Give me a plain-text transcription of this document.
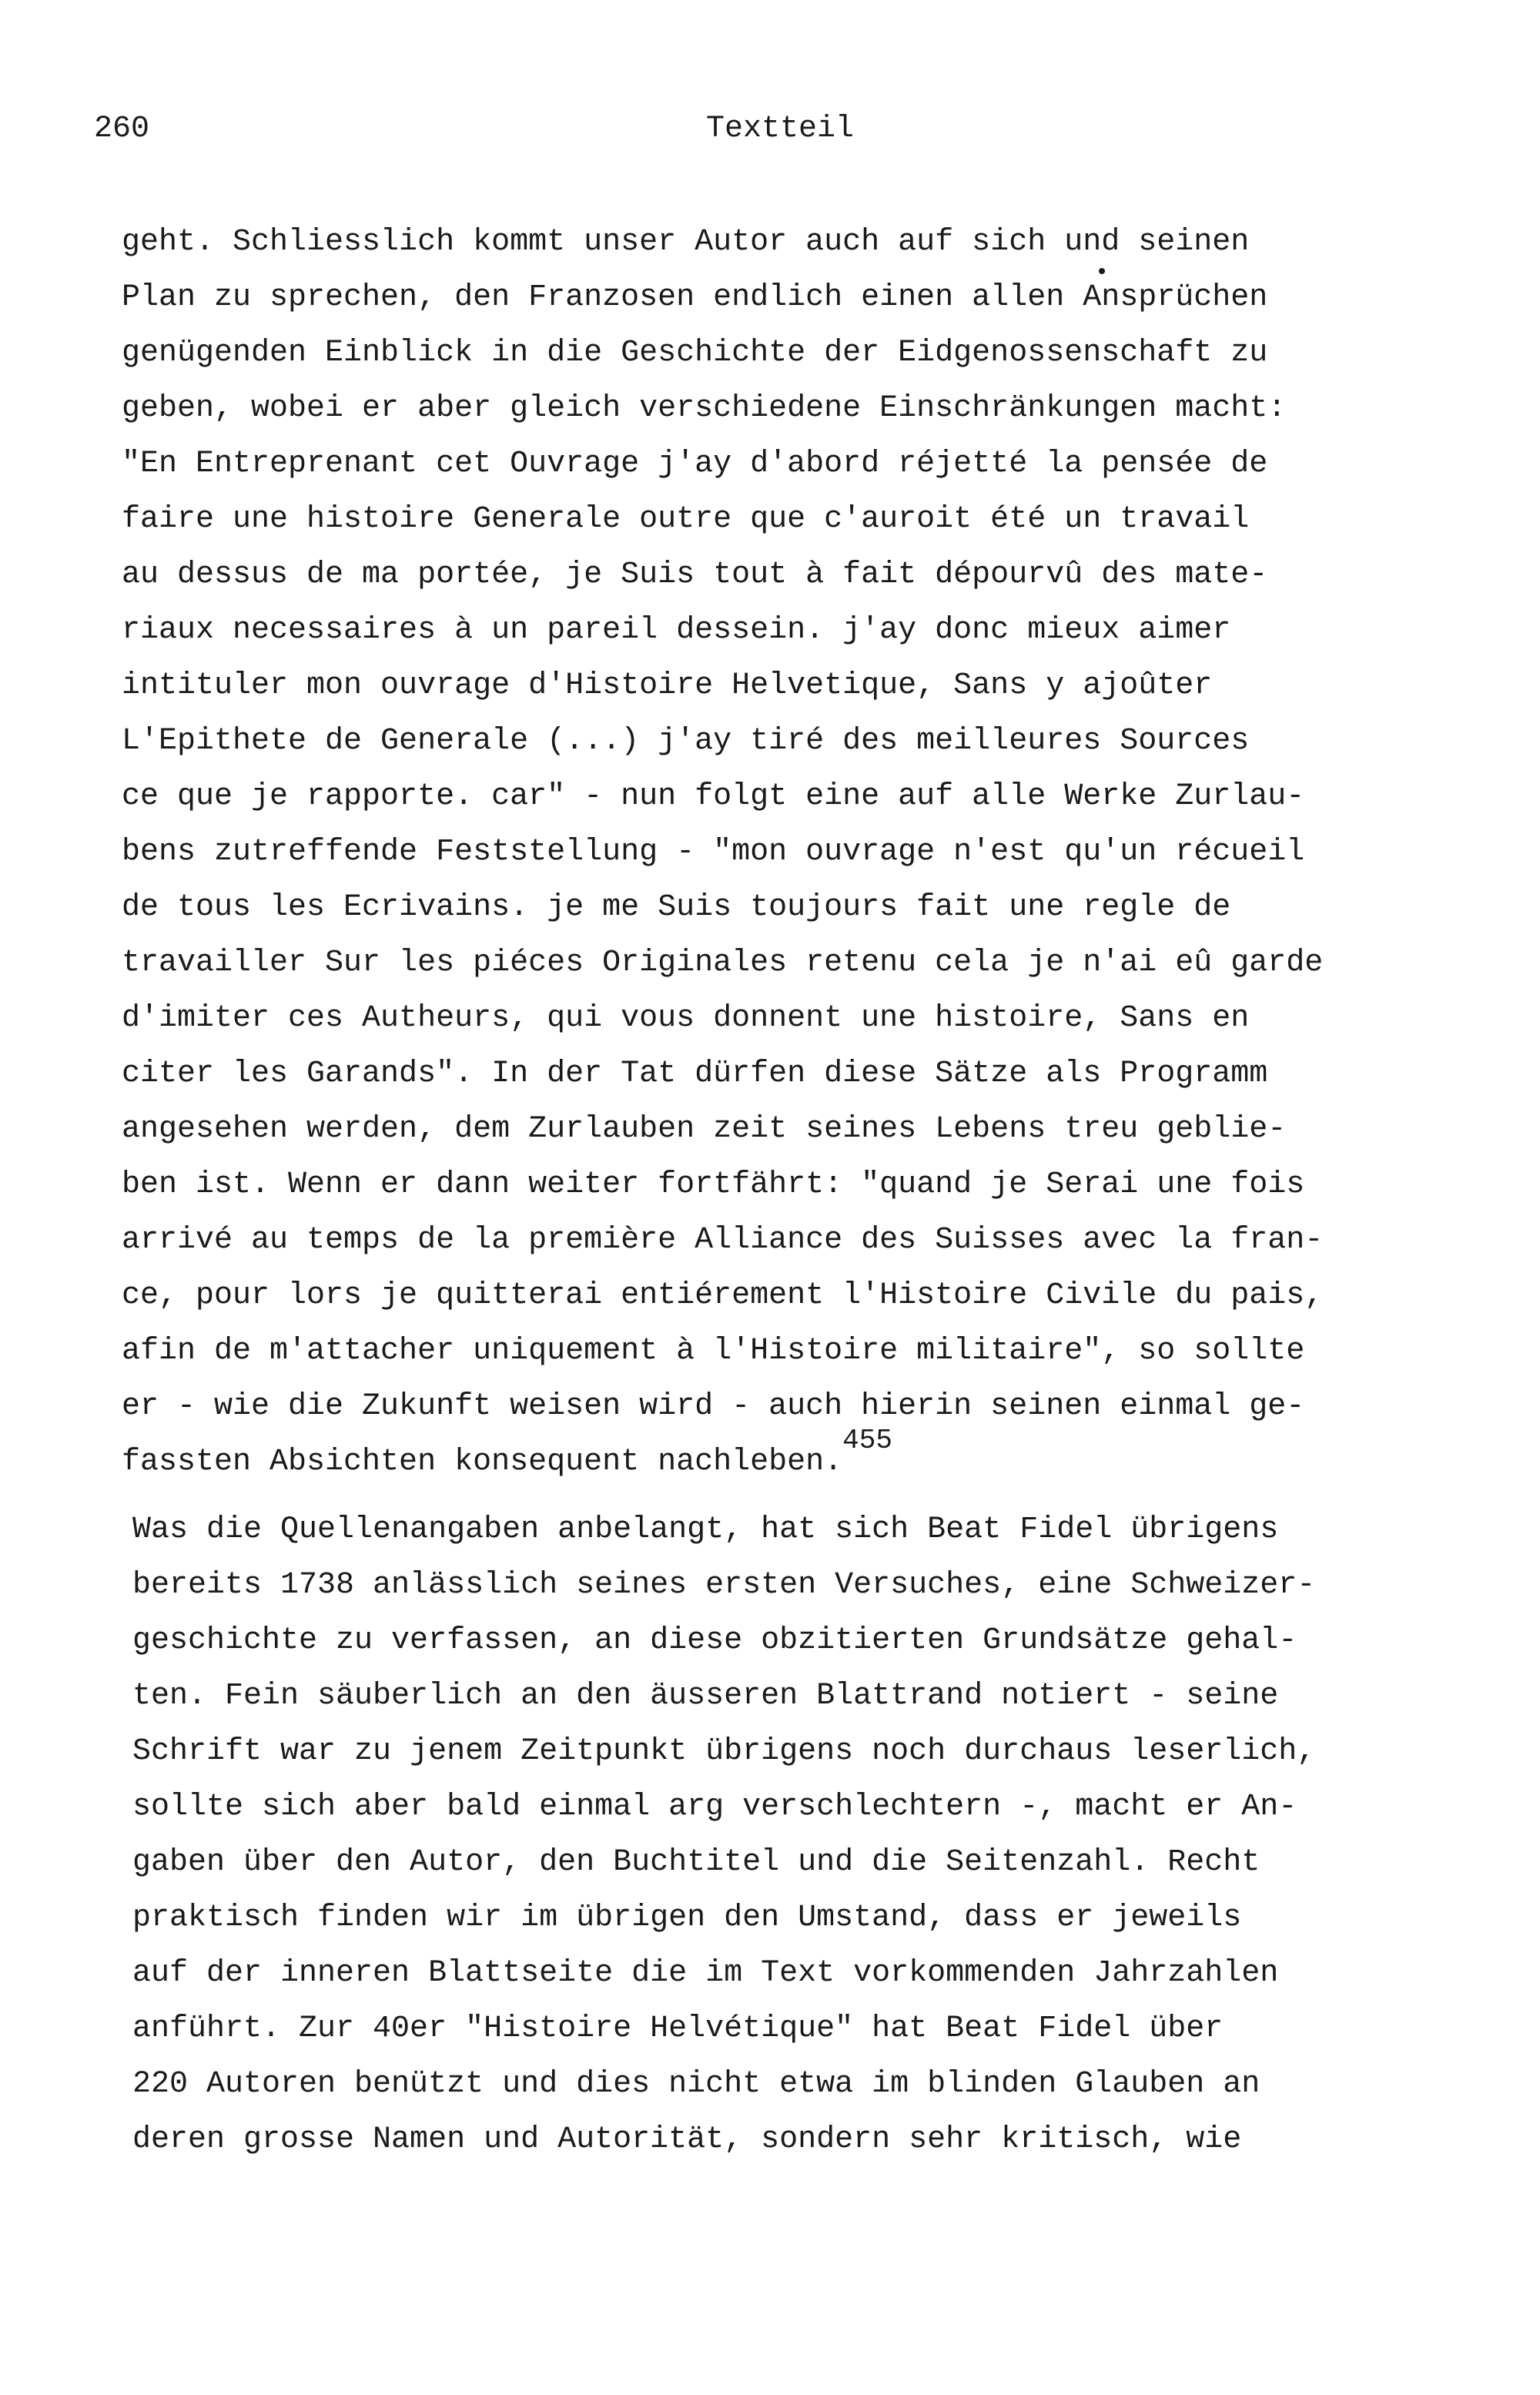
260	Textteil
geht. Schliesslich kommt unser Autor auch auf sich und seinen
Plan zu sprechen, den Franzosen endlich einen allen Ansprüchen
genügenden Einblick in die Geschichte der Eidgenossenschaft zu
geben, wobei er aber gleich verschiedene Einschränkungen macht:
"En Entreprenant cet Ouvrage j'ay d'abord réjetté la pensée de
faire une histoire Generale outre que c'auroit été un travail
au dessus de ma portée, je Suis tout à fait dépourvû des mate-
riaux necessaires à un pareil dessein. j'ay donc mieux aimer
intituler mon ouvrage d'Histoire Helvetique, Sans y ajoûter
L'Epithete de Generale (...) j'ay tiré des meilleures Sources
ce que je rapporte. car" - nun folgt eine auf alle Werke Zurlau-
bens zutreffende Feststellung - "mon ouvrage n'est qu'un récueil
de tous les Ecrivains. je me Suis toujours fait une regle de
travailler Sur les piéces Originales retenu cela je n'ai eû garde
d'imiter ces Autheurs, qui vous donnent une histoire, Sans en
citer les Garands". In der Tat dürfen diese Sätze als Programm
angesehen werden, dem Zurlauben zeit seines Lebens treu geblie-
ben ist. Wenn er dann weiter fortfährt: "quand je Serai une fois
arrivé au temps de la première Alliance des Suisses avec la fran-
ce, pour lors je quitterai entiérement l'Histoire Civile du pais,
afin de m'attacher uniquement à l'Histoire militaire", so sollte
er - wie die Zukunft weisen wird - auch hierin seinen einmal ge-
fassten Absichten konsequent nachleben.455
Was die Quellenangaben anbelangt, hat sich Beat Fidel übrigens
bereits 1738 anlässlich seines ersten Versuches, eine Schweizer-
geschichte zu verfassen, an diese obzitierten Grundsätze gehal-
ten. Fein säuberlich an den äusseren Blattrand notiert - seine
Schrift war zu jenem Zeitpunkt übrigens noch durchaus leserlich,
sollte sich aber bald einmal arg verschlechtern -, macht er An-
gaben über den Autor, den Buchtitel und die Seitenzahl. Recht
praktisch finden wir im übrigen den Umstand, dass er jeweils
auf der inneren Blattseite die im Text vorkommenden Jahrzahlen
anführt. Zur 40er "Histoire Helvétique" hat Beat Fidel über
220 Autoren benützt und dies nicht etwa im blinden Glauben an
deren grosse Namen und Autorität, sondern sehr kritisch, wie
